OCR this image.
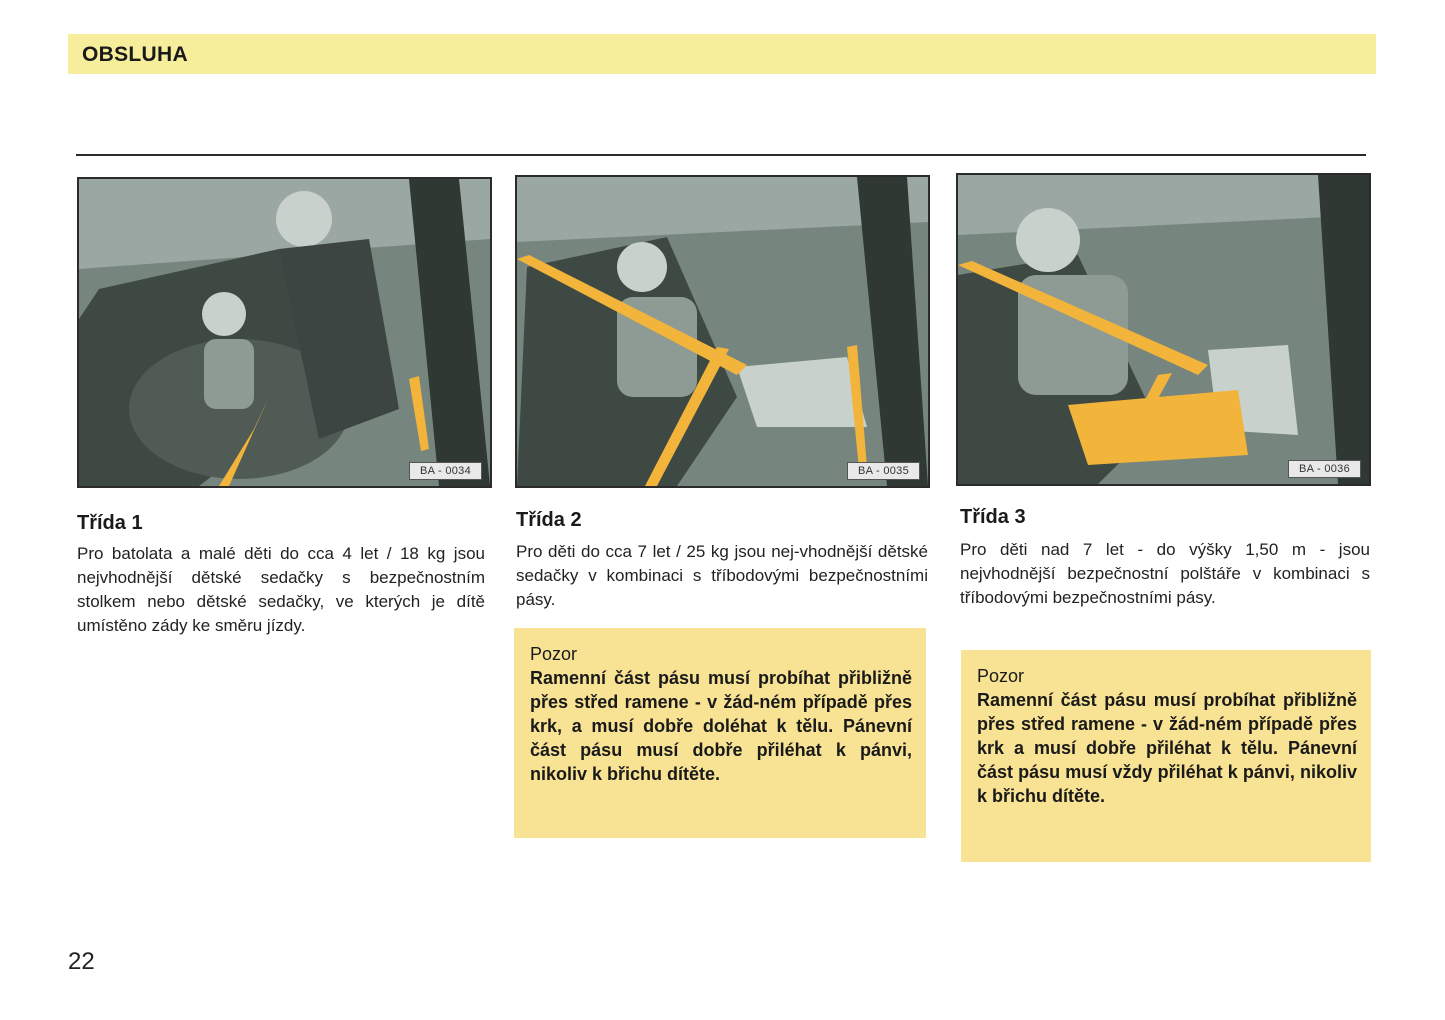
OBSLUHA
BA - 0034	BA - 0035	BA - 0036
Třída 1
Pro batolata a malé děti do cca 4 let / 18 kg jsou nejvhodnější dětské sedačky s bezpečnostním stolkem nebo dětské sedačky, ve kterých je dítě umístěno zády ke směru jízdy.
Třída 2
Pro děti do cca 7 let / 25 kg jsou nej-vhodnější dětské sedačky v kombinaci s tříbodovými bezpečnostními pásy.
Pozor
Ramenní část pásu musí probíhat přibližně přes střed ramene - v žád-ném případě přes krk, a musí dobře doléhat k tělu. Pánevní část pásu musí dobře přiléhat k pánvi, nikoliv k břichu dítěte.
Třída 3
Pro děti nad 7 let - do výšky 1,50 m - jsou nejvhodnější bezpečnostní polštáře v kombinaci s tříbodovými bezpečnostními pásy.
Pozor
Ramenní část pásu musí probíhat přibližně přes střed ramene - v žád-ném případě přes krk a musí dobře přiléhat k tělu. Pánevní část pásu musí vždy přiléhat k pánvi, nikoliv k břichu dítěte.
22
